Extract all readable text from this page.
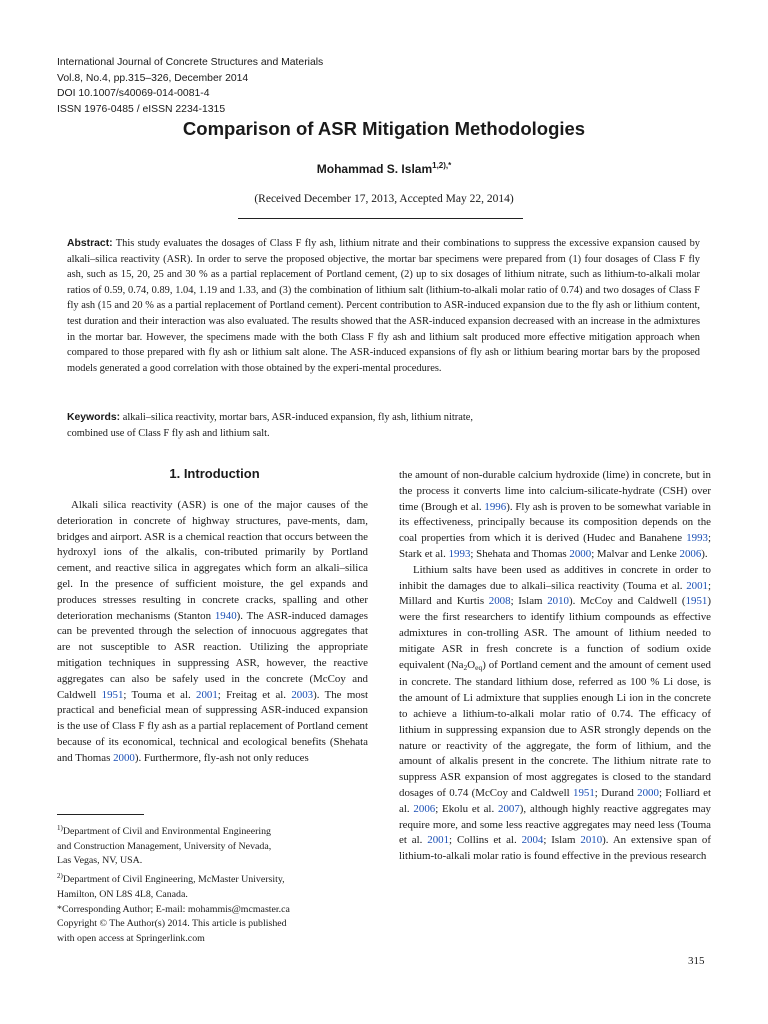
International Journal of Concrete Structures and Materials
Vol.8, No.4, pp.315–326, December 2014
DOI 10.1007/s40069-014-0081-4
ISSN 1976-0485 / eISSN 2234-1315
Comparison of ASR Mitigation Methodologies
Mohammad S. Islam$^{1,2),*}$
(Received December 17, 2013, Accepted May 22, 2014)
Abstract: This study evaluates the dosages of Class F fly ash, lithium nitrate and their combinations to suppress the excessive expansion caused by alkali–silica reactivity (ASR). In order to serve the proposed objective, the mortar bar specimens were prepared from (1) four dosages of Class F fly ash, such as 15, 20, 25 and 30 % as a partial replacement of Portland cement, (2) up to six dosages of lithium nitrate, such as lithium-to-alkali molar ratios of 0.59, 0.74, 0.89, 1.04, 1.19 and 1.33, and (3) the combination of lithium salt (lithium-to-alkali molar ratio of 0.74) and two dosages of Class F fly ash (15 and 20 % as a partial replacement of Portland cement). Percent contribution to ASR-induced expansion due to the fly ash or lithium content, test duration and their interaction was also evaluated. The results showed that the ASR-induced expansion decreased with an increase in the admixtures in the mortar bar. However, the specimens made with the both Class F fly ash and lithium salt produced more effective mitigation approach when compared to those prepared with fly ash or lithium salt alone. The ASR-induced expansions of fly ash or lithium bearing mortar bars by the proposed models generated a good correlation with those obtained by the experi-mental procedures.
Keywords: alkali–silica reactivity, mortar bars, ASR-induced expansion, fly ash, lithium nitrate,
combined use of Class F fly ash and lithium salt.
1. Introduction

Alkali silica reactivity (ASR) is one of the major causes of the deterioration in concrete of highway structures, pave-ments, dam, bridges and airport. ASR is a chemical reaction that occurs between the hydroxyl ions of the alkalis, con-tributed primarily by Portland cement, and reactive silica in aggregates which form an alkali–silica gel. In the presence of sufficient moisture, the gel expands and produces stresses resulting in concrete cracks, spalling and other deterioration mechanisms (Stanton 1940). The ASR-induced damages can be prevented through the selection of innocuous aggregates that are not susceptible to ASR reaction. Utilizing the appropriate mitigation techniques in suppressing ASR, however, the reactive aggregates can also be safely used in the concrete (McCoy and Caldwell 1951; Touma et al. 2001; Freitag et al. 2003). The most practical and beneficial mean of suppressing ASR-induced expansion is the use of Class F fly ash as a partial replacement of Portland cement because of its economical, technical and ecological benefits (Shehata and Thomas 2000). Furthermore, fly-ash not only reduces

the amount of non-durable calcium hydroxide (lime) in concrete, but in the process it converts lime into calcium-silicate-hydrate (CSH) over time (Brough et al. 1996). Fly ash is proven to be somewhat variable in its effectiveness, principally because its composition depends on the coal properties from which it is derived (Hudec and Banahene 1993; Stark et al. 1993; Shehata and Thomas 2000; Malvar and Lenke 2006).

Lithium salts have been used as additives in concrete in order to inhibit the damages due to alkali–silica reactivity (Touma et al. 2001; Millard and Kurtis 2008; Islam 2010). McCoy and Caldwell (1951) were the first researchers to identify lithium compounds as effective admixtures in con-trolling ASR. The amount of lithium needed to mitigate ASR in fresh concrete is a function of sodium oxide equivalent $(Na_2O_{eq})$ of Portland cement and the amount of cement used in concrete. The standard lithium dose, referred as 100 % Li dose, is the amount of Li admixture that supplies enough Li ion in the concrete to achieve a lithium-to-alkali molar ratio of 0.74. The efficacy of lithium in suppressing expansion due to ASR strongly depends on the nature or reactivity of the aggregate, the form of lithium, and the amount of alkalis present in the concrete. The lithium nitrate rate to suppress ASR expansion of most aggregates is closed to the standard dosages of 0.74 (McCoy and Caldwell 1951; Durand 2000; Folliard et al. 2006; Ekolu et al. 2007), although highly reactive aggregates may require more, and some less reactive aggregates may need less (Touma et al. 2001; Collins et al. 2004; Islam 2010). An extensive span of lithium-to-alkali molar ratio is found effective in the previous research

$^{1)}$Department of Civil and Environmental Engineering
and Construction Management, University of Nevada,
Las Vegas, NV, USA.
$^{2)}$Department of Civil Engineering, McMaster University,
Hamilton, ON L8S 4L8, Canada.
*Corresponding Author; E-mail: mohammis@mcmaster.ca
Copyright © The Author(s) 2014. This article is published
with open access at Springerlink.com
315
